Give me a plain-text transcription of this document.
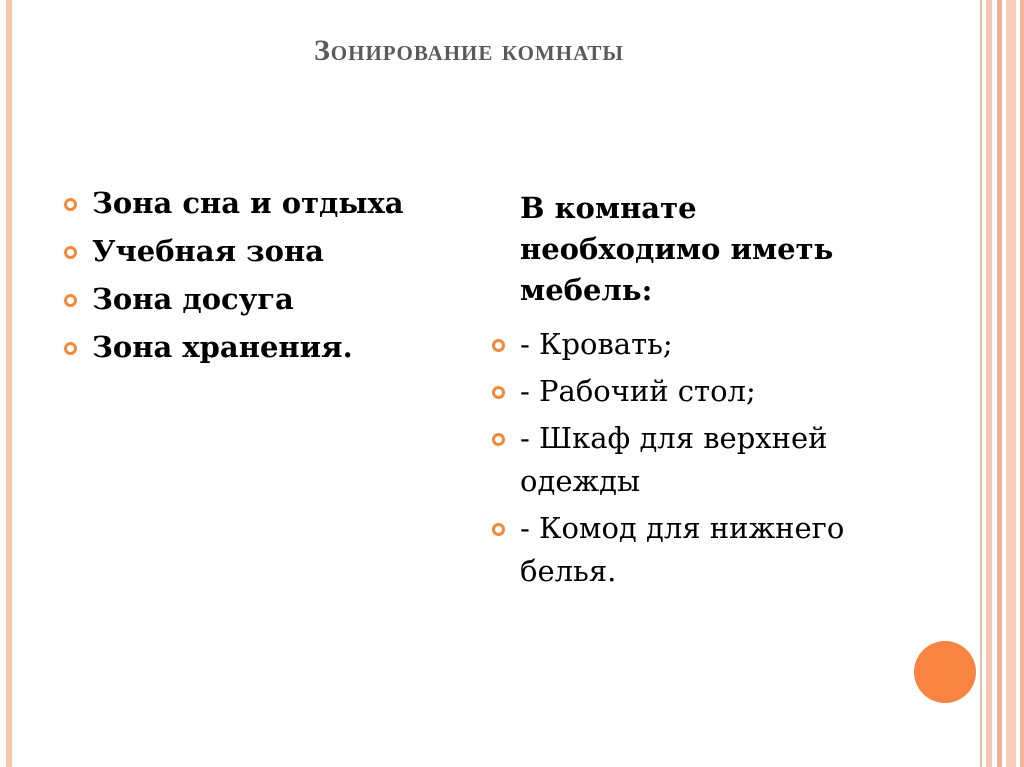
Зонирование комнаты
Зона сна и отдыха
Учебная зона
Зона досуга
Зона хранения.
В комнате необходимо иметь мебель:
- Кровать;
- Рабочий стол;
- Шкаф для верхней одежды
- Комод для нижнего белья.
